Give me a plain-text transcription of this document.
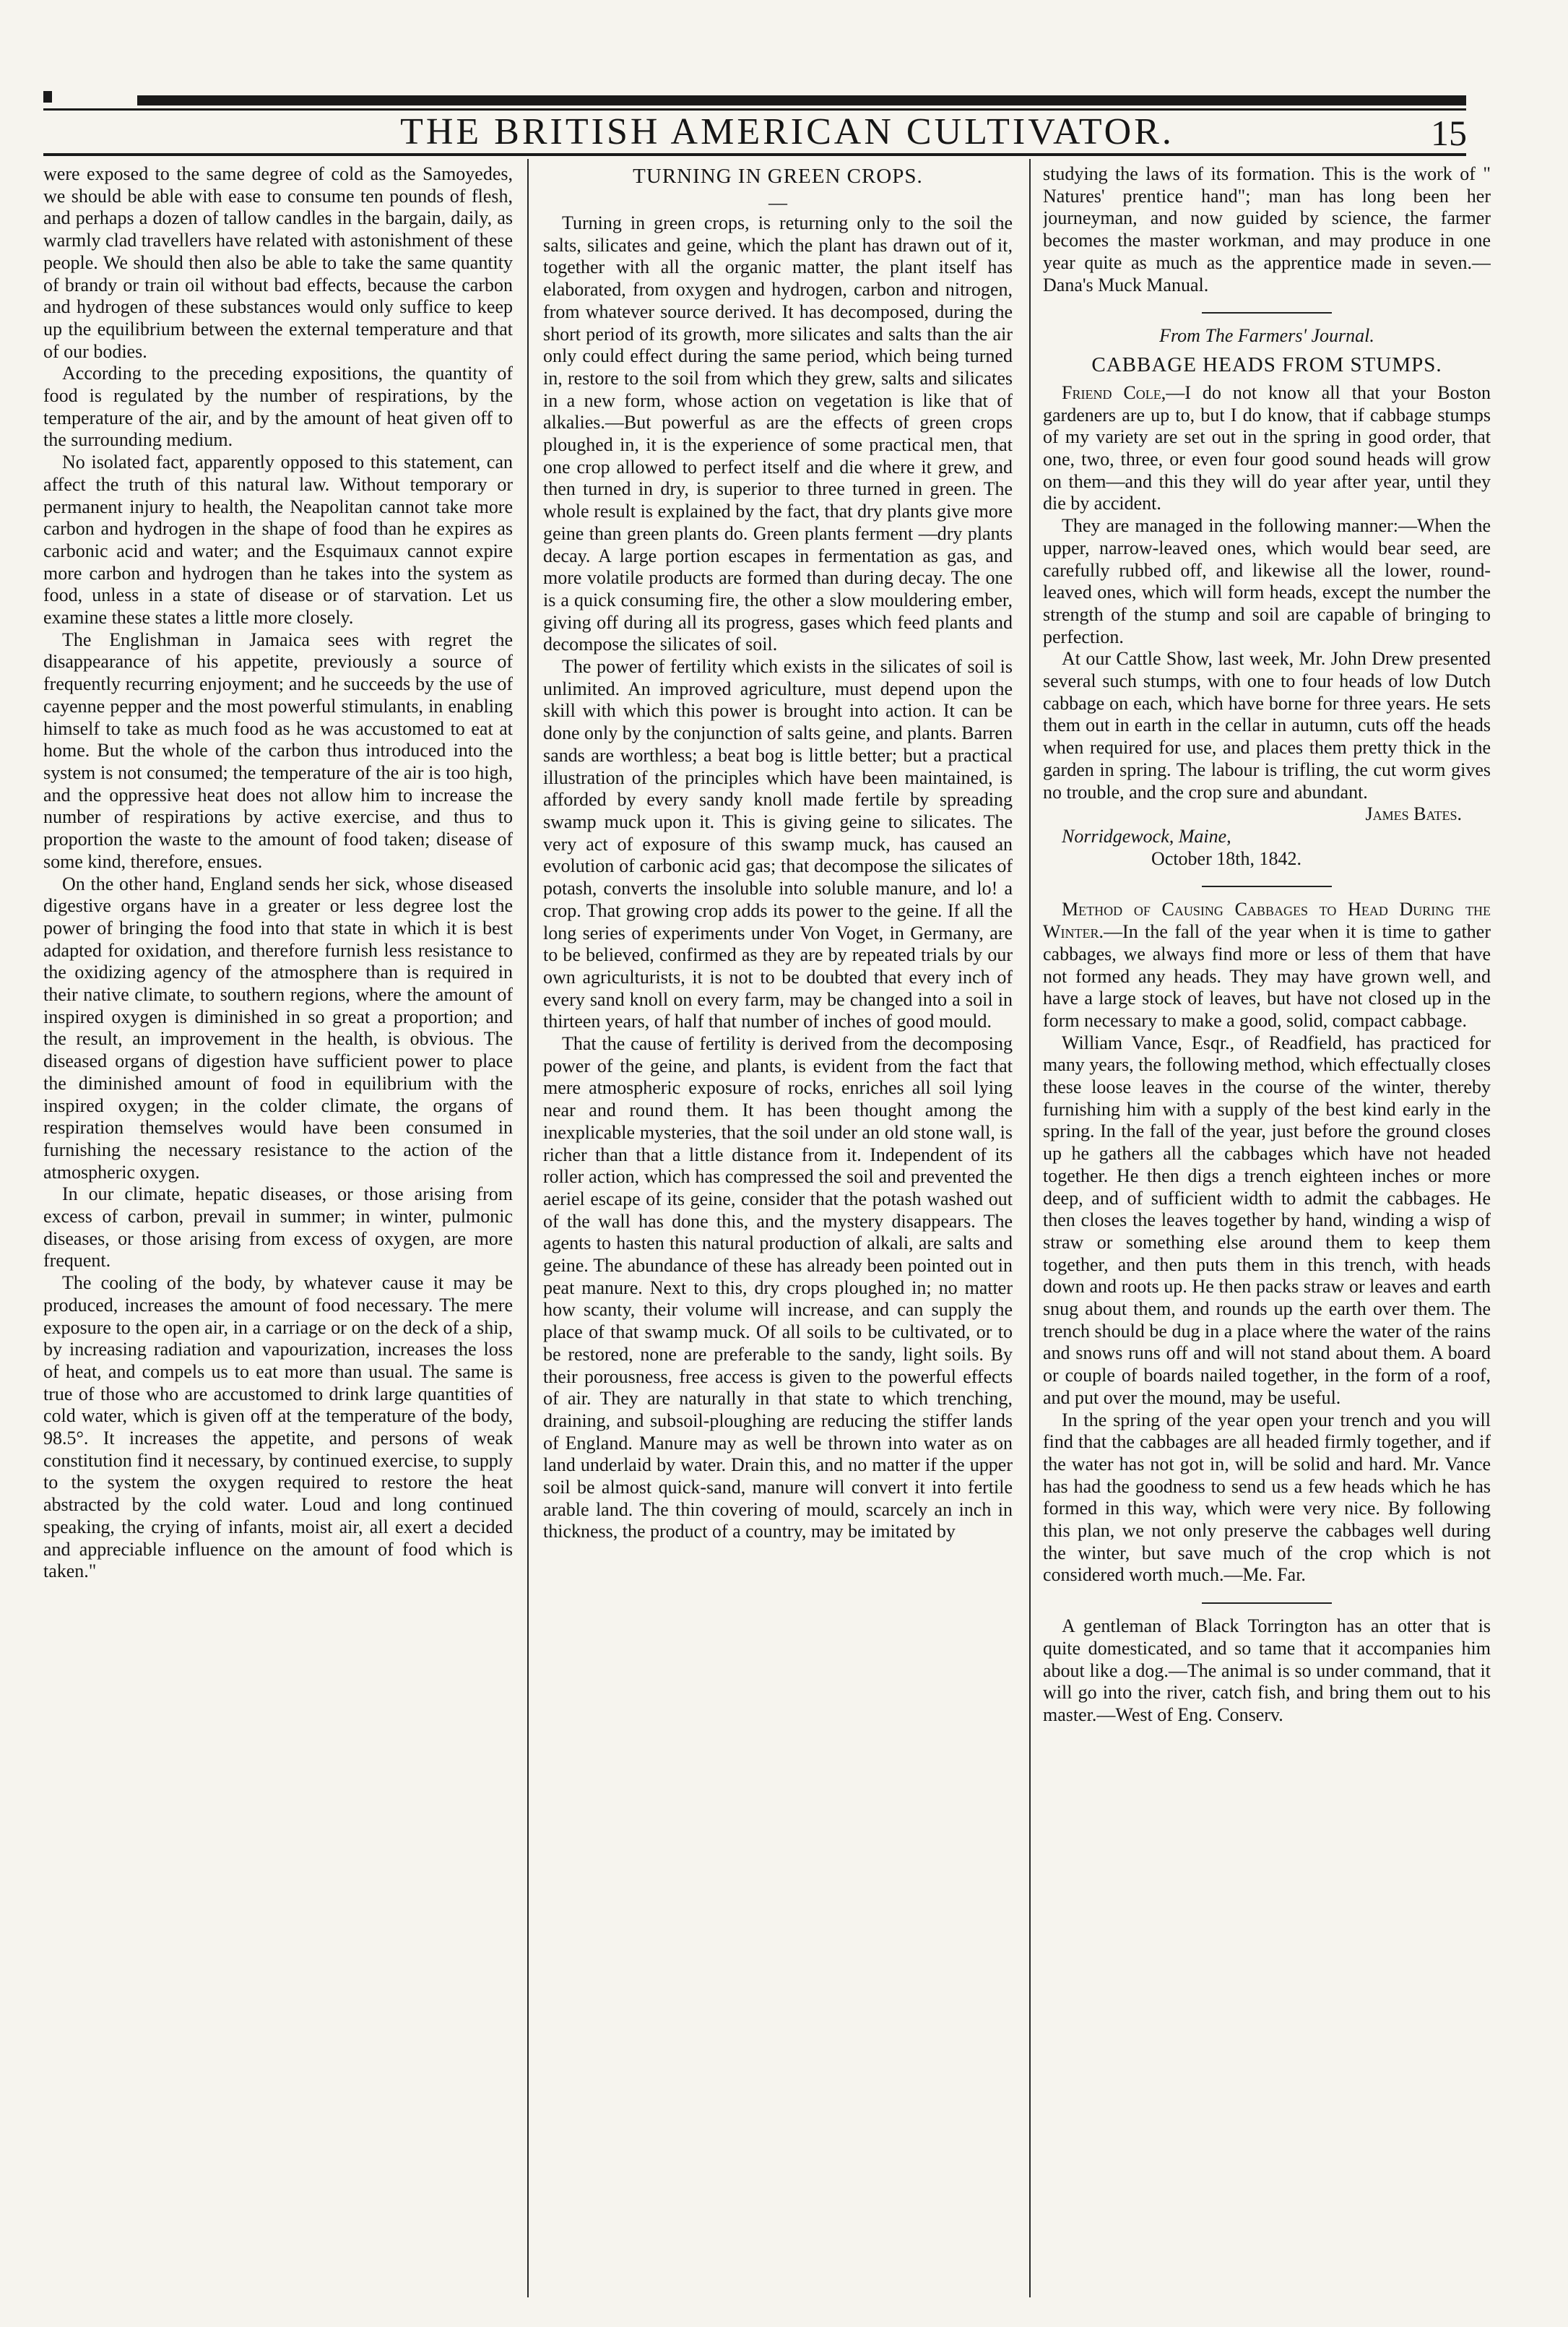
THE BRITISH AMERICAN CULTIVATOR.	15

were exposed to the same degree of cold as the Samoyedes, we should be able with ease to consume ten pounds of flesh, and perhaps a dozen of tallow candles in the bargain, daily, as warmly clad travellers have related with astonishment of these people. We should then also be able to take the same quantity of brandy or train oil without bad effects, because the carbon and hydrogen of these substances would only suffice to keep up the equilibrium between the external temperature and that of our bodies.

According to the preceding expositions, the quantity of food is regulated by the number of respirations, by the temperature of the air, and by the amount of heat given off to the surrounding medium.

No isolated fact, apparently opposed to this statement, can affect the truth of this natural law. Without temporary or permanent injury to health, the Neapolitan cannot take more carbon and hydrogen in the shape of food than he expires as carbonic acid and water; and the Esquimaux cannot expire more carbon and hydrogen than he takes into the system as food, unless in a state of disease or of starvation. Let us examine these states a little more closely.

The Englishman in Jamaica sees with regret the disappearance of his appetite, previously a source of frequently recurring enjoyment; and he succeeds by the use of cayenne pepper and the most powerful stimulants, in enabling himself to take as much food as he was accustomed to eat at home. But the whole of the carbon thus introduced into the system is not consumed; the temperature of the air is too high, and the oppressive heat does not allow him to increase the number of respirations by active exercise, and thus to proportion the waste to the amount of food taken; disease of some kind, therefore, ensues.

On the other hand, England sends her sick, whose diseased digestive organs have in a greater or less degree lost the power of bringing the food into that state in which it is best adapted for oxidation, and therefore furnish less resistance to the oxidizing agency of the atmosphere than is required in their native climate, to southern regions, where the amount of inspired oxygen is diminished in so great a proportion; and the result, an improvement in the health, is obvious. The diseased organs of digestion have sufficient power to place the diminished amount of food in equilibrium with the inspired oxygen; in the colder climate, the organs of respiration themselves would have been consumed in furnishing the necessary resistance to the action of the atmospheric oxygen.

In our climate, hepatic diseases, or those arising from excess of carbon, prevail in summer; in winter, pulmonic diseases, or those arising from excess of oxygen, are more frequent.

The cooling of the body, by whatever cause it may be produced, increases the amount of food necessary. The mere exposure to the open air, in a carriage or on the deck of a ship, by increasing radiation and vapourization, increases the loss of heat, and compels us to eat more than usual. The same is true of those who are accustomed to drink large quantities of cold water, which is given off at the temperature of the body, 98.5°. It increases the appetite, and persons of weak constitution find it necessary, by continued exercise, to supply to the system the oxygen required to restore the heat abstracted by the cold water. Loud and long continued speaking, the crying of infants, moist air, all exert a decided and appreciable influence on the amount of food which is taken."

TURNING IN GREEN CROPS.
—

Turning in green crops, is returning only to the soil the salts, silicates and geine, which the plant has drawn out of it, together with all the organic matter, the plant itself has elaborated, from oxygen and hydrogen, carbon and nitrogen, from whatever source derived. It has decomposed, during the short period of its growth, more silicates and salts than the air only could effect during the same period, which being turned in, restore to the soil from which they grew, salts and silicates in a new form, whose action on vegetation is like that of alkalies.—But powerful as are the effects of green crops ploughed in, it is the experience of some practical men, that one crop allowed to perfect itself and die where it grew, and then turned in dry, is superior to three turned in green. The whole result is explained by the fact, that dry plants give more geine than green plants do. Green plants ferment —dry plants decay. A large portion escapes in fermentation as gas, and more volatile products are formed than during decay. The one is a quick consuming fire, the other a slow mouldering ember, giving off during all its progress, gases which feed plants and decompose the silicates of soil.

The power of fertility which exists in the silicates of soil is unlimited. An improved agriculture, must depend upon the skill with which this power is brought into action. It can be done only by the conjunction of salts geine, and plants. Barren sands are worthless; a beat bog is little better; but a practical illustration of the principles which have been maintained, is afforded by every sandy knoll made fertile by spreading swamp muck upon it. This is giving geine to silicates. The very act of exposure of this swamp muck, has caused an evolution of carbonic acid gas; that decompose the silicates of potash, converts the insoluble into soluble manure, and lo! a crop. That growing crop adds its power to the geine. If all the long series of experiments under Von Voget, in Germany, are to be believed, confirmed as they are by repeated trials by our own agriculturists, it is not to be doubted that every inch of every sand knoll on every farm, may be changed into a soil in thirteen years, of half that number of inches of good mould.

That the cause of fertility is derived from the decomposing power of the geine, and plants, is evident from the fact that mere atmospheric exposure of rocks, enriches all soil lying near and round them. It has been thought among the inexplicable mysteries, that the soil under an old stone wall, is richer than that a little distance from it. Independent of its roller action, which has compressed the soil and prevented the aeriel escape of its geine, consider that the potash washed out of the wall has done this, and the mystery disappears. The agents to hasten this natural production of alkali, are salts and geine. The abundance of these has already been pointed out in peat manure. Next to this, dry crops ploughed in; no matter how scanty, their volume will increase, and can supply the place of that swamp muck. Of all soils to be cultivated, or to be restored, none are preferable to the sandy, light soils. By their porousness, free access is given to the powerful effects of air. They are naturally in that state to which trenching, draining, and subsoil-ploughing are reducing the stiffer lands of England. Manure may as well be thrown into water as on land underlaid by water. Drain this, and no matter if the upper soil be almost quick-sand, manure will convert it into fertile arable land. The thin covering of mould, scarcely an inch in thickness, the product of a country, may be imitated by

studying the laws of its formation. This is the work of " Natures' prentice hand"; man has long been her journeyman, and now guided by science, the farmer becomes the master workman, and may produce in one year quite as much as the apprentice made in seven.—Dana's Muck Manual.

From The Farmers' Journal.
CABBAGE HEADS FROM STUMPS.

Friend Cole,—I do not know all that your Boston gardeners are up to, but I do know, that if cabbage stumps of my variety are set out in the spring in good order, that one, two, three, or even four good sound heads will grow on them—and this they will do year after year, until they die by accident.

They are managed in the following manner:—When the upper, narrow-leaved ones, which would bear seed, are carefully rubbed off, and likewise all the lower, round-leaved ones, which will form heads, except the number the strength of the stump and soil are capable of bringing to perfection.

At our Cattle Show, last week, Mr. John Drew presented several such stumps, with one to four heads of low Dutch cabbage on each, which have borne for three years. He sets them out in earth in the cellar in autumn, cuts off the heads when required for use, and places them pretty thick in the garden in spring. The labour is trifling, the cut worm gives no trouble, and the crop sure and abundant.

James Bates.

Norridgewock, Maine,

October 18th, 1842.

Method of Causing Cabbages to Head During the Winter.—In the fall of the year when it is time to gather cabbages, we always find more or less of them that have not formed any heads. They may have grown well, and have a large stock of leaves, but have not closed up in the form necessary to make a good, solid, compact cabbage.

William Vance, Esqr., of Readfield, has practiced for many years, the following method, which effectually closes these loose leaves in the course of the winter, thereby furnishing him with a supply of the best kind early in the spring. In the fall of the year, just before the ground closes up he gathers all the cabbages which have not headed together. He then digs a trench eighteen inches or more deep, and of sufficient width to admit the cabbages. He then closes the leaves together by hand, winding a wisp of straw or something else around them to keep them together, and then puts them in this trench, with heads down and roots up. He then packs straw or leaves and earth snug about them, and rounds up the earth over them. The trench should be dug in a place where the water of the rains and snows runs off and will not stand about them. A board or couple of boards nailed together, in the form of a roof, and put over the mound, may be useful.

In the spring of the year open your trench and you will find that the cabbages are all headed firmly together, and if the water has not got in, will be solid and hard. Mr. Vance has had the goodness to send us a few heads which he has formed in this way, which were very nice. By following this plan, we not only preserve the cabbages well during the winter, but save much of the crop which is not considered worth much.—Me. Far.

A gentleman of Black Torrington has an otter that is quite domesticated, and so tame that it accompanies him about like a dog.—The animal is so under command, that it will go into the river, catch fish, and bring them out to his master.—West of Eng. Conserv.
